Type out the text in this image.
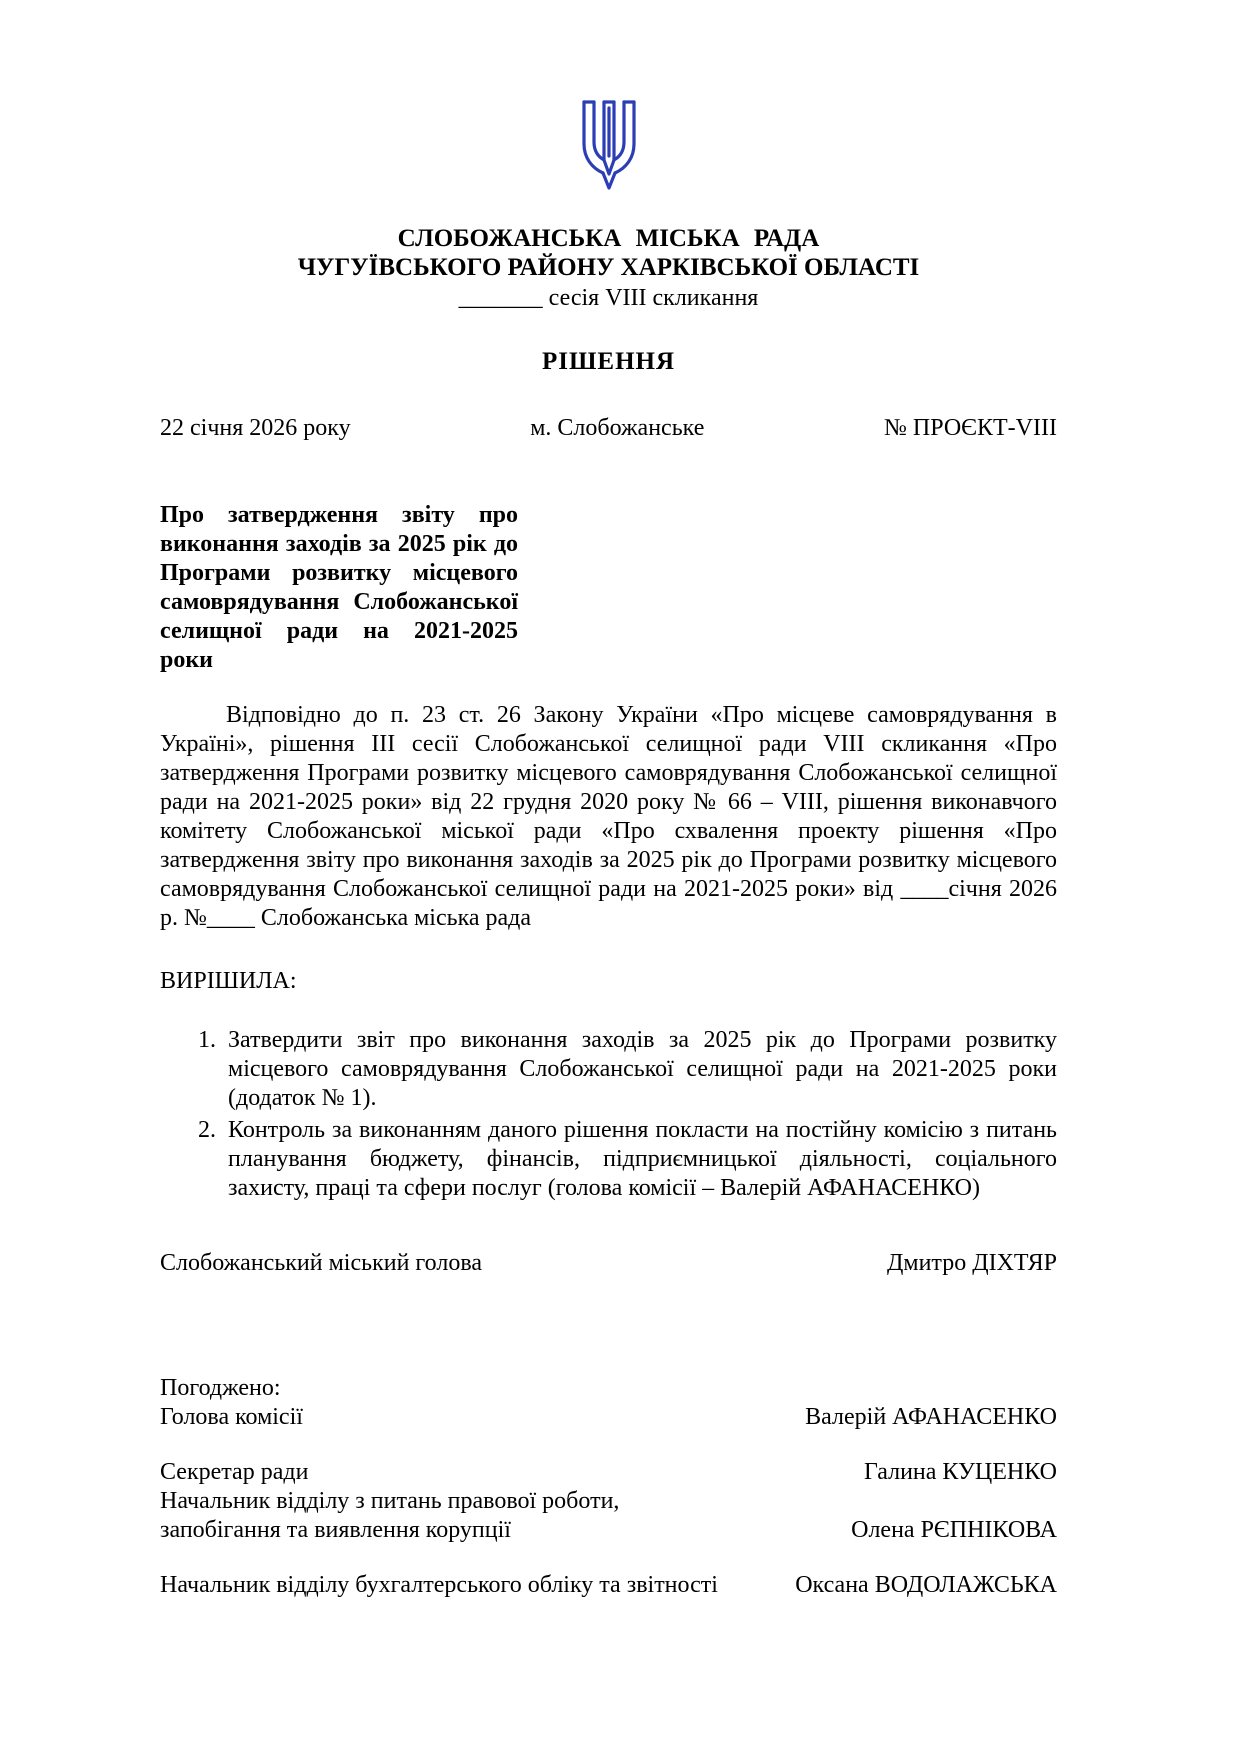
СЛОБОЖАНСЬКА МІСЬКА РАДА
ЧУГУЇВСЬКОГО РАЙОНУ ХАРКІВСЬКОЇ ОБЛАСТІ
_______ сесія VIII скликання
РІШЕННЯ
22 січня 2026 року	м. Слобожанське	№ ПРОЄКТ-VIII
Про затвердження звіту про виконання заходів за 2025 рік до Програми розвитку місцевого самоврядування Слобожанської селищної ради на 2021-2025 роки

Відповідно до п. 23 ст. 26 Закону України «Про місцеве самоврядування в Україні», рішення ІІІ сесії Слобожанської селищної ради VIII скликання «Про затвердження Програми розвитку місцевого самоврядування Слобожанської селищної ради на 2021-2025 роки» від 22 грудня 2020 року № 66 – VIII, рішення виконавчого комітету Слобожанської міської ради «Про схвалення проекту рішення «Про затвердження звіту про виконання заходів за 2025 рік до Програми розвитку місцевого самоврядування Слобожанської селищної ради на 2021-2025 роки» від ____січня 2026 р. №____ Слобожанська міська рада

ВИРІШИЛА:
1. Затвердити звіт про виконання заходів за 2025 рік до Програми розвитку місцевого самоврядування Слобожанської селищної ради на 2021-2025 роки (додаток № 1).
2. Контроль за виконанням даного рішення покласти на постійну комісію з питань планування бюджету, фінансів, підприємницької діяльності, соціального захисту, праці та сфери послуг (голова комісії – Валерій АФАНАСЕНКО)
Слобожанський міський голова	Дмитро ДІХТЯР
Погоджено:
Голова комісії	Валерій АФАНАСЕНКО
Секретар ради	Галина КУЦЕНКО
Начальник відділу з питань правової роботи,
запобігання та виявлення корупції	Олена РЄПНІКОВА
Начальник відділу бухгалтерського обліку та звітності	Оксана ВОДОЛАЖСЬКА
